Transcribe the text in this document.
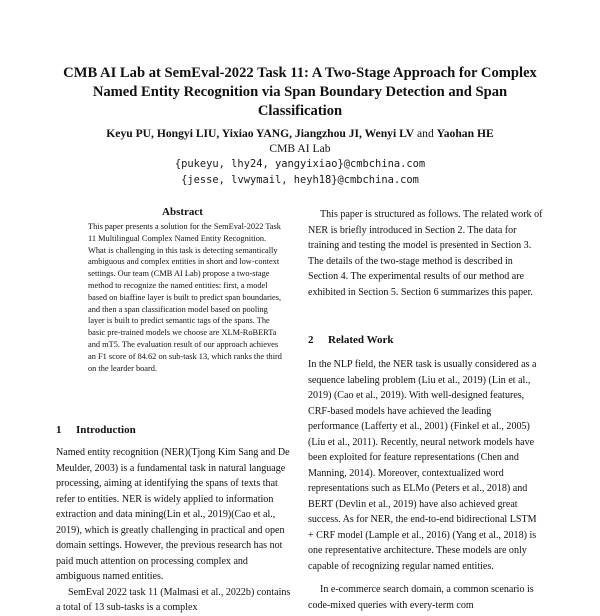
CMB AI Lab at SemEval-2022 Task 11: A Two-Stage Approach for Complex Named Entity Recognition via Span Boundary Detection and Span Classification
Keyu PU, Hongyi LIU, Yixiao YANG, Jiangzhou JI, Wenyi LV and Yaohan HE
CMB AI Lab
{pukeyu, lhy24, yangyixiao}@cmbchina.com
{jesse, lvwymail, heyh18}@cmbchina.com
Abstract

This paper presents a solution for the SemEval-2022 Task 11 Multilingual Complex Named Entity Recognition. What is challenging in this task is detecting semantically ambiguous and complex entities in short and low-context settings. Our team (CMB AI Lab) propose a two-stage method to recognize the named entities: first, a model based on biaffine layer is built to predict span boundaries, and then a span classification model based on pooling layer is built to predict semantic tags of the spans. The basic pre-trained models we choose are XLM-RoBERTa and mT5. The evaluation result of our approach achieves an F1 score of 84.62 on sub-task 13, which ranks the third on the learder board.

1 Introduction

Named entity recognition (NER)(Tjong Kim Sang and De Meulder, 2003) is a fundamental task in natural language processing, aiming at identifying the spans of texts that refer to entities. NER is widely applied to information extraction and data mining(Lin et al., 2019)(Cao et al., 2019), which is greatly challenging in practical and open domain settings. However, the previous research has not paid much attention on processing complex and ambiguous named entities.

SemEval 2022 task 11 (Malmasi et al., 2022b) contains a total of 13 sub-tasks is a complex

This paper is structured as follows. The related work of NER is briefly introduced in Section 2. The data for training and testing the model is presented in Section 3. The details of the two-stage method is described in Section 4. The experimental results of our method are exhibited in Section 5. Section 6 summarizes this paper.

2 Related Work

In the NLP field, the NER task is usually considered as a sequence labeling problem (Liu et al., 2019) (Lin et al., 2019) (Cao et al., 2019). With well-designed features, CRF-based models have achieved the leading performance (Lafferty et al., 2001) (Finkel et al., 2005) (Liu et al., 2011). Recently, neural network models have been exploited for feature representations (Chen and Manning, 2014). Moreover, contextualized word representations such as ELMo (Peters et al., 2018) and BERT (Devlin et al., 2019) have also achieved great success. As for NER, the end-to-end bidirectional LSTM + CRF model (Lample et al., 2016) (Yang et al., 2018) is one representative architecture. These models are only capable of recognizing regular named entities.

In e-commerce search domain, a common scenario is code-mixed queries with every-term com
